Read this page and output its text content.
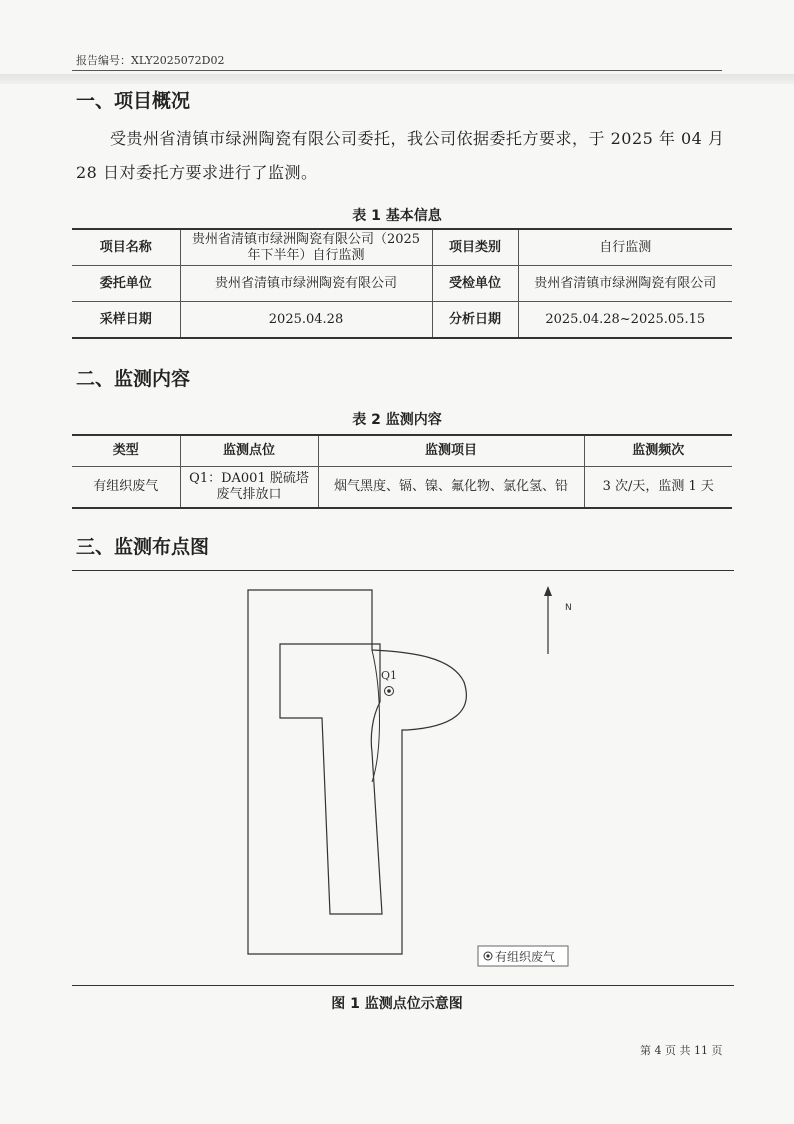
报告编号：XLY2025072D02
一、项目概况
受贵州省清镇市绿洲陶瓷有限公司委托，我公司依据委托方要求，于 2025 年 04 月 28 日对委托方要求进行了监测。
表 1 基本信息
项目名称	贵州省清镇市绿洲陶瓷有限公司（2025 年下半年）自行监测	项目类别	自行监测
委托单位	贵州省清镇市绿洲陶瓷有限公司	受检单位	贵州省清镇市绿洲陶瓷有限公司
采样日期	2025.04.28	分析日期	2025.04.28~2025.05.15
二、监测内容
表 2 监测内容
类型	监测点位	监测项目	监测频次
有组织废气	Q1：DA001 脱硫塔废气排放口	烟气黑度、镉、镍、氟化物、氯化氢、铅	3 次/天，监测 1 天
三、监测布点图
N
Q1
有组织废气
图 1 监测点位示意图
第 4 页 共 11 页
